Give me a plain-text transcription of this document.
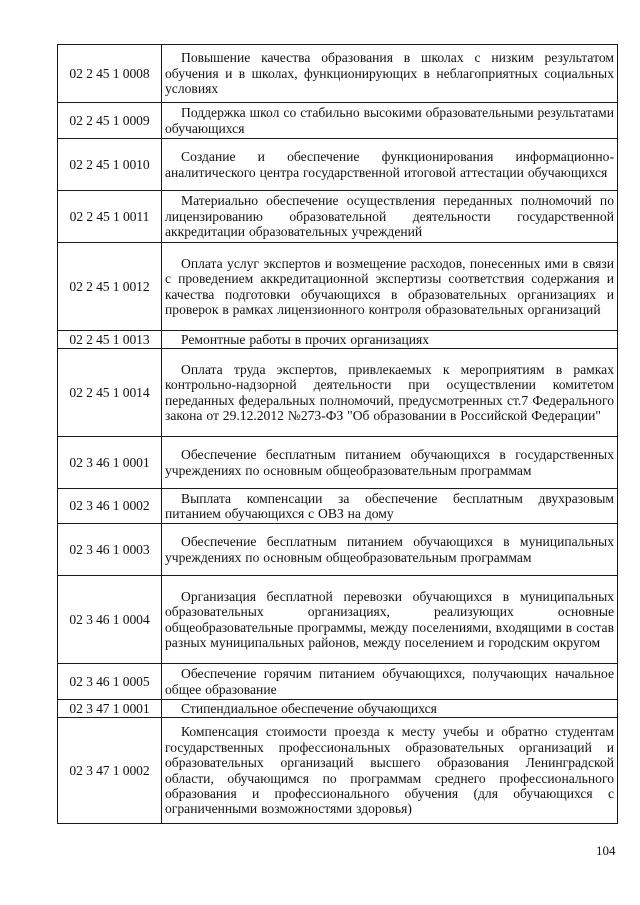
02 2 45 1 0008	Повышение качества образования в школах с низким результатом обучения и в школах, функционирующих в неблагоприятных социальных условиях
02 2 45 1 0009	Поддержка школ со стабильно высокими образовательными результатами обучающихся
02 2 45 1 0010	Создание и обеспечение функционирования информационно-аналитического центра государственной итоговой аттестации обучающихся
02 2 45 1 0011	Материально обеспечение осуществления переданных полномочий по лицензированию образовательной деятельности государственной аккредитации образовательных учреждений
02 2 45 1 0012	Оплата услуг экспертов и возмещение расходов, понесенных ими в связи с проведением аккредитационной экспертизы соответствия содержания и качества подготовки обучающихся в образовательных организациях и проверок в рамках лицензионного контроля образовательных организаций
02 2 45 1 0013	Ремонтные работы в прочих организациях
02 2 45 1 0014	Оплата труда экспертов, привлекаемых к мероприятиям в рамках контрольно-надзорной деятельности при осуществлении комитетом переданных федеральных полномочий, предусмотренных ст.7 Федерального закона от 29.12.2012 №273-ФЗ "Об образовании в Российской Федерации"
02 3 46 1 0001	Обеспечение бесплатным питанием обучающихся в государственных учреждениях по основным общеобразовательным программам
02 3 46 1 0002	Выплата компенсации за обеспечение бесплатным двухразовым питанием обучающихся с ОВЗ на дому
02 3 46 1 0003	Обеспечение бесплатным питанием обучающихся в муниципальных учреждениях по основным общеобразовательным программам
02 3 46 1 0004	Организация бесплатной перевозки обучающихся в муниципальных образовательных организациях, реализующих основные общеобразовательные программы, между поселениями, входящими в состав разных муниципальных районов, между поселением и городским округом
02 3 46 1 0005	Обеспечение горячим питанием обучающихся, получающих начальное общее образование
02 3 47 1 0001	Стипендиальное обеспечение обучающихся
02 3 47 1 0002	Компенсация стоимости проезда к месту учебы и обратно студентам государственных профессиональных образовательных организаций и образовательных организаций высшего образования Ленинградской области, обучающимся по программам среднего профессионального образования и профессионального обучения (для обучающихся с ограниченными возможностями здоровья)
104
